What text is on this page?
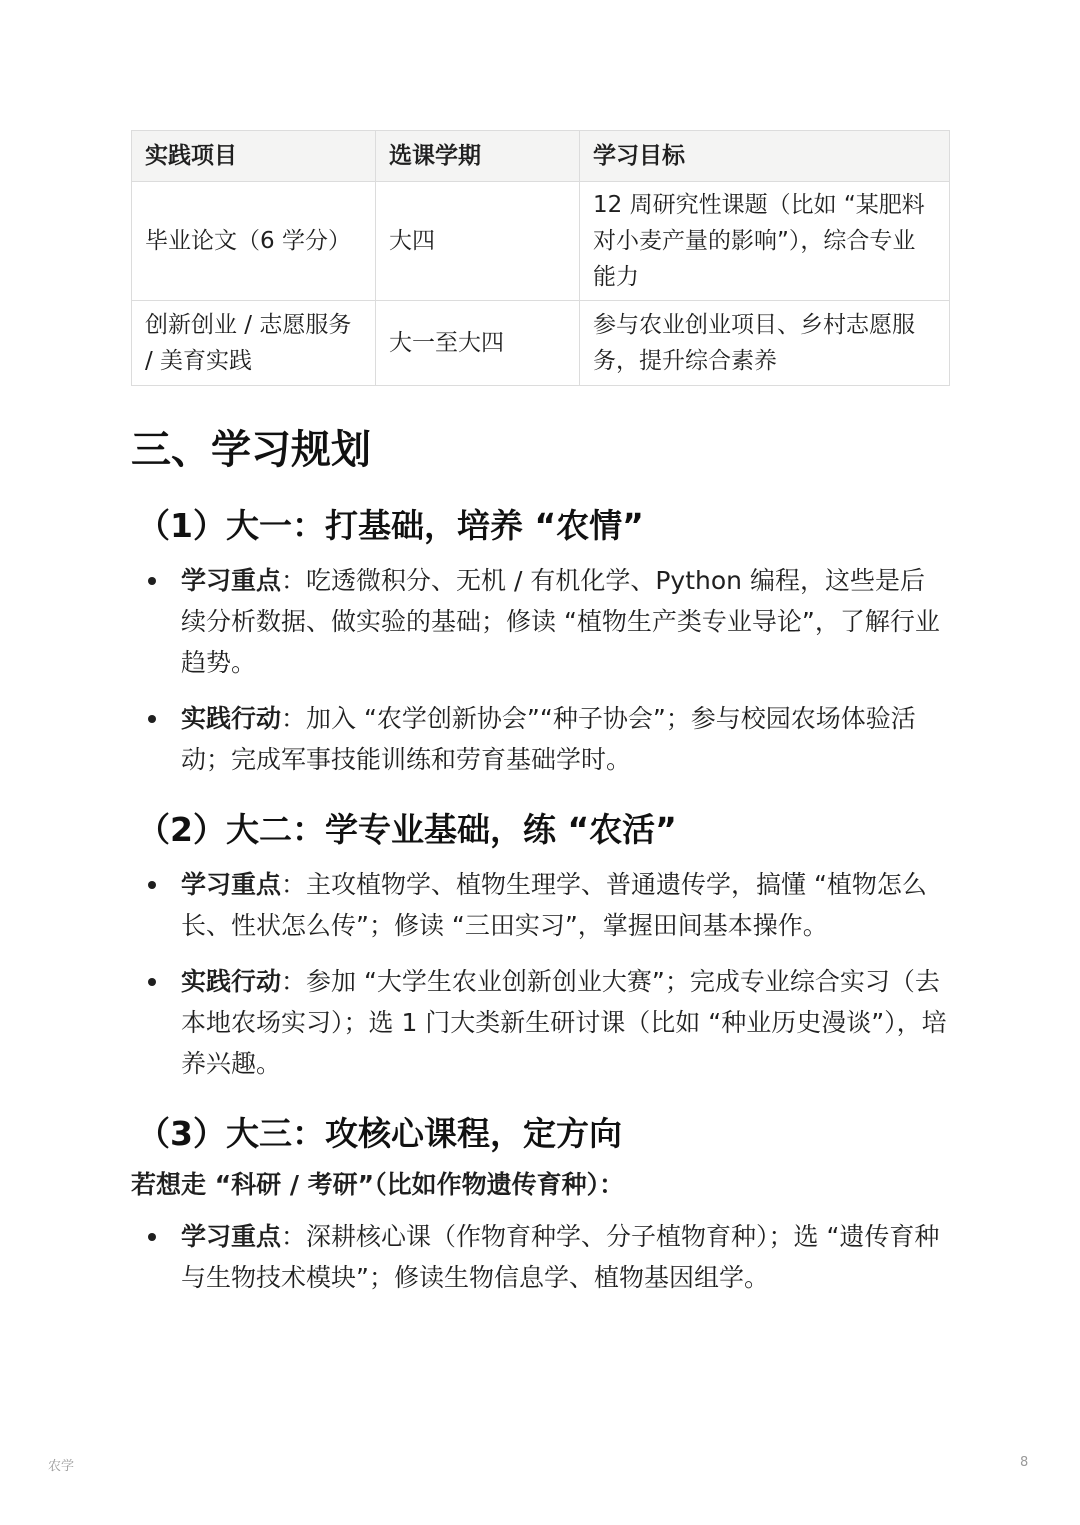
实践项目	选课学期	学习目标
毕业论文（6 学分）	大四	12 周研究性课题（比如 “某肥料对小麦产量的影响”），综合专业能力
创新创业 / 志愿服务 / 美育实践	大一至大四	参与农业创业项目、乡村志愿服务，提升综合素养
三、学习规划
（1）大一：打基础，培养 “农情”
学习重点：吃透微积分、无机 / 有机化学、Python 编程，这些是后续分析数据、做实验的基础；修读 “植物生产类专业导论”，了解行业趋势。
实践行动：加入 “农学创新协会”“种子协会”；参与校园农场体验活动；完成军事技能训练和劳育基础学时。
（2）大二：学专业基础，练 “农活”
学习重点：主攻植物学、植物生理学、普通遗传学，搞懂 “植物怎么长、性状怎么传”；修读 “三田实习”，掌握田间基本操作。
实践行动：参加 “大学生农业创新创业大赛”；完成专业综合实习（去本地农场实习）；选 1 门大类新生研讨课（比如 “种业历史漫谈”），培养兴趣。
（3）大三：攻核心课程，定方向

若想走 “科研 / 考研”（比如作物遗传育种）：

学习重点：深耕核心课（作物育种学、分子植物育种）；选 “遗传育种与生物技术模块”；修读生物信息学、植物基因组学。
农学	8
